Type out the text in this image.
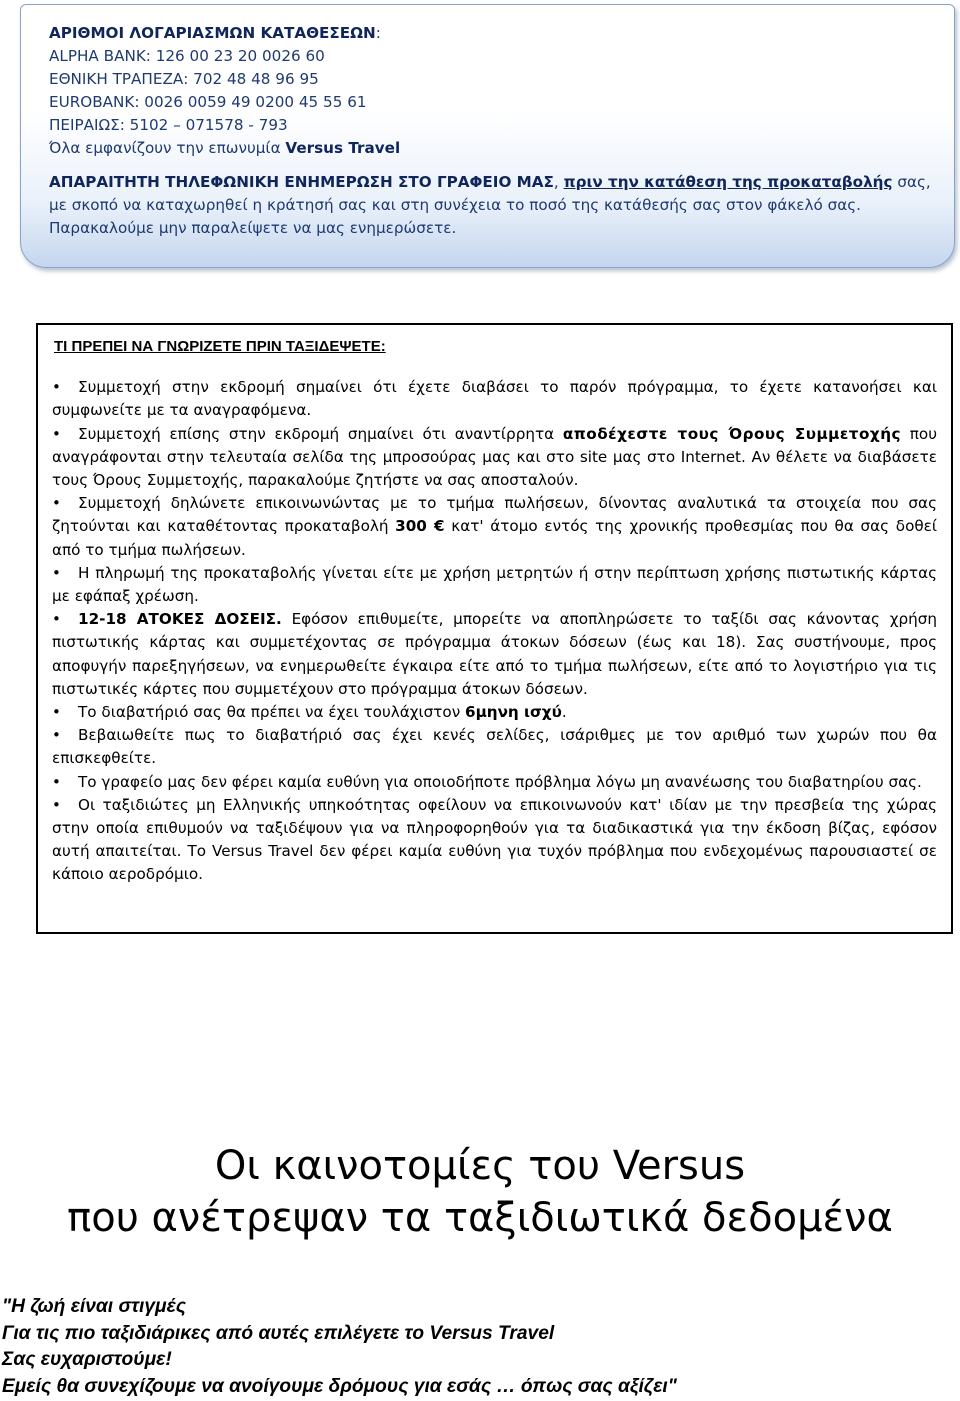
ΑΡΙΘΜΟΙ ΛΟΓΑΡΙΑΣΜΩΝ ΚΑΤΑΘΕΣΕΩΝ:
ALPHA BANK: 126 00 23 20 0026 60
ΕΘΝΙΚΗ ΤΡΑΠΕΖΑ: 702 48 48 96 95
EUROBANK: 0026 0059 49 0200 45 55 61
ΠΕΙΡΑΙΩΣ: 5102 – 071578 - 793
Όλα εμφανίζουν την επωνυμία Versus Travel
ΑΠΑΡΑΙΤΗΤΗ ΤΗΛΕΦΩΝΙΚΗ ΕΝΗΜΕΡΩΣΗ ΣΤΟ ΓΡΑΦΕΙΟ ΜΑΣ, πριν την κατάθεση της προκαταβολής σας, με σκοπό να καταχωρηθεί η κράτησή σας και στη συνέχεια το ποσό της κατάθεσής σας στον φάκελό σας. Παρακαλούμε μην παραλείψετε να μας ενημερώσετε.
ΤΙ ΠΡΕΠΕΙ ΝΑ ΓΝΩΡΙΖΕΤΕ ΠΡΙΝ ΤΑΞΙΔΕΨΕΤΕ:
• Συμμετοχή στην εκδρομή σημαίνει ότι έχετε διαβάσει το παρόν πρόγραμμα, το έχετε κατανοήσει και συμφωνείτε με τα αναγραφόμενα.
• Συμμετοχή επίσης στην εκδρομή σημαίνει ότι αναντίρρητα αποδέχεστε τους Όρους Συμμετοχής που αναγράφονται στην τελευταία σελίδα της μπροσούρας μας και στο site μας στο Internet. Αν θέλετε να διαβάσετε τους Όρους Συμμετοχής, παρακαλούμε ζητήστε να σας αποσταλούν.
• Συμμετοχή δηλώνετε επικοινωνώντας με το τμήμα πωλήσεων, δίνοντας αναλυτικά τα στοιχεία που σας ζητούνται και καταθέτοντας προκαταβολή 300 € κατ' άτομο εντός της χρονικής προθεσμίας που θα σας δοθεί από το τμήμα πωλήσεων.
• Η πληρωμή της προκαταβολής γίνεται είτε με χρήση μετρητών ή στην περίπτωση χρήσης πιστωτικής κάρτας με εφάπαξ χρέωση.
• 12-18 ΑΤΟΚΕΣ ΔΟΣΕΙΣ. Εφόσον επιθυμείτε, μπορείτε να αποπληρώσετε το ταξίδι σας κάνοντας χρήση πιστωτικής κάρτας και συμμετέχοντας σε πρόγραμμα άτοκων δόσεων (έως και 18). Σας συστήνουμε, προς αποφυγήν παρεξηγήσεων, να ενημερωθείτε έγκαιρα είτε από το τμήμα πωλήσεων, είτε από το λογιστήριο για τις πιστωτικές κάρτες που συμμετέχουν στο πρόγραμμα άτοκων δόσεων.
• Το διαβατήριό σας θα πρέπει να έχει τουλάχιστον 6μηνη ισχύ.
• Βεβαιωθείτε πως το διαβατήριό σας έχει κενές σελίδες, ισάριθμες με τον αριθμό των χωρών που θα επισκεφθείτε.
• Το γραφείο μας δεν φέρει καμία ευθύνη για οποιοδήποτε πρόβλημα λόγω μη ανανέωσης του διαβατηρίου σας.
• Οι ταξιδιώτες μη Ελληνικής υπηκοότητας οφείλουν να επικοινωνούν κατ' ιδίαν με την πρεσβεία της χώρας στην οποία επιθυμούν να ταξιδέψουν για να πληροφορηθούν για τα διαδικαστικά για την έκδοση βίζας, εφόσον αυτή απαιτείται. Το Versus Travel δεν φέρει καμία ευθύνη για τυχόν πρόβλημα που ενδεχομένως παρουσιαστεί σε κάποιο αεροδρόμιο.
Οι καινοτομίες του Versus
που ανέτρεψαν τα ταξιδιωτικά δεδομένα
"Η ζωή είναι στιγμές
Για τις πιο ταξιδιάρικες από αυτές επιλέγετε το Versus Travel
Σας ευχαριστούμε!
Εμείς θα συνεχίζουμε να ανοίγουμε δρόμους για εσάς … όπως σας αξίζει"
